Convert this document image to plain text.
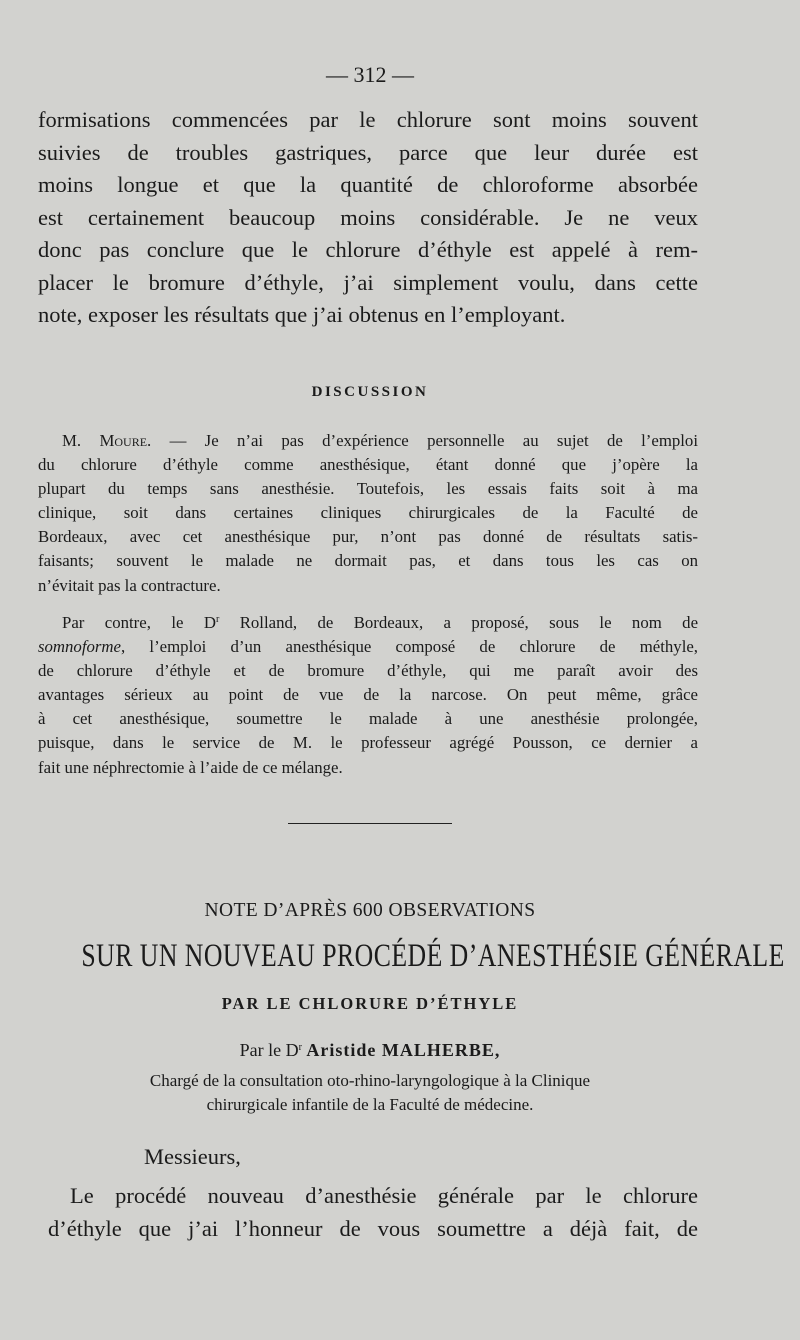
— 312 —

formisations commencées par le chlorure sont moins souvent
suivies de troubles gastriques, parce que leur durée est
moins longue et que la quantité de chloroforme absorbée
est certainement beaucoup moins considérable. Je ne veux
donc pas conclure que le chlorure d’éthyle est appelé à rem-
placer le bromure d’éthyle, j’ai simplement voulu, dans cette
note, exposer les résultats que j’ai obtenus en l’employant.

DISCUSSION

M. Moure. — Je n’ai pas d’expérience personnelle au sujet de l’emploi
du chlorure d’éthyle comme anesthésique, étant donné que j’opère la
plupart du temps sans anesthésie. Toutefois, les essais faits soit à ma
clinique, soit dans certaines cliniques chirurgicales de la Faculté de
Bordeaux, avec cet anesthésique pur, n’ont pas donné de résultats satis-
faisants; souvent le malade ne dormait pas, et dans tous les cas on
n’évitait pas la contracture.

Par contre, le $D^r$ Rolland, de Bordeaux, a proposé, sous le nom de
somnoforme, l’emploi d’un anesthésique composé de chlorure de méthyle,
de chlorure d’éthyle et de bromure d’éthyle, qui me paraît avoir des
avantages sérieux au point de vue de la narcose. On peut même, grâce
à cet anesthésique, soumettre le malade à une anesthésie prolongée,
puisque, dans le service de M. le professeur agrégé Pousson, ce dernier a
fait une néphrectomie à l’aide de ce mélange.

NOTE D’APRÈS 600 OBSERVATIONS
SUR UN NOUVEAU PROCÉDÉ D’ANESTHÉSIE GÉNÉRALE
PAR LE CHLORURE D’ÉTHYLE
Par le $D^r$ Aristide MALHERBE,
Chargé de la consultation oto-rhino-laryngologique à la Clinique
chirurgicale infantile de la Faculté de médecine.
Messieurs,

Le procédé nouveau d’anesthésie générale par le chlorure
d’éthyle que j’ai l’honneur de vous soumettre a déjà fait, de
